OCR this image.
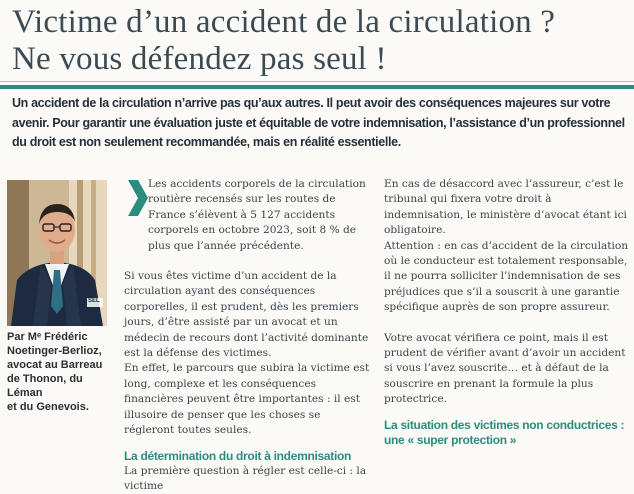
Victime d’un accident de la circulation ?
Ne vous défendez pas seul !

Un accident de la circulation n’arrive pas qu’aux autres. Il peut avoir des conséquences majeures sur votre avenir. Pour garantir une évaluation juste et équitable de votre indemnisation, l’assistance d’un professionnel du droit est non seulement recommandée, mais en réalité essentielle.

SEL
Par Mᵉ Frédéric
Noetinger-Berlioz,
avocat au Barreau
de Thonon, du Léman
et du Genevois.

Les accidents corporels de la circulation routière recensés sur les routes de France s’élèvent à 5 127 accidents corporels en octobre 2023, soit 8 % de plus que l’année précédente.

Si vous êtes victime d’un accident de la circulation ayant des conséquences corporelles, il est prudent, dès les premiers jours, d’être assisté par un avocat et un médecin de recours dont l’activité dominante est la défense des victimes.

En effet, le parcours que subira la victime est long, complexe et les conséquences financières peuvent être importantes : il est illusoire de penser que les choses se régleront toutes seules.

La détermination du droit à indemnisation

La première question à régler est celle-ci : la victime

En cas de désaccord avec l’assureur, c’est le tribunal qui fixera votre droit à indemnisation, le ministère d’avocat étant ici obligatoire.

Attention : en cas d’accident de la circulation où le conducteur est totalement responsable, il ne pourra solliciter l’indemnisation de ses préjudices que s’il a souscrit à une garantie spécifique auprès de son propre assureur.

Votre avocat vérifiera ce point, mais il est prudent de vérifier avant d’avoir un accident si vous l’avez souscrite… et à défaut de la souscrire en prenant la formule la plus protectrice.

La situation des victimes non conductrices :
une « super protection »
